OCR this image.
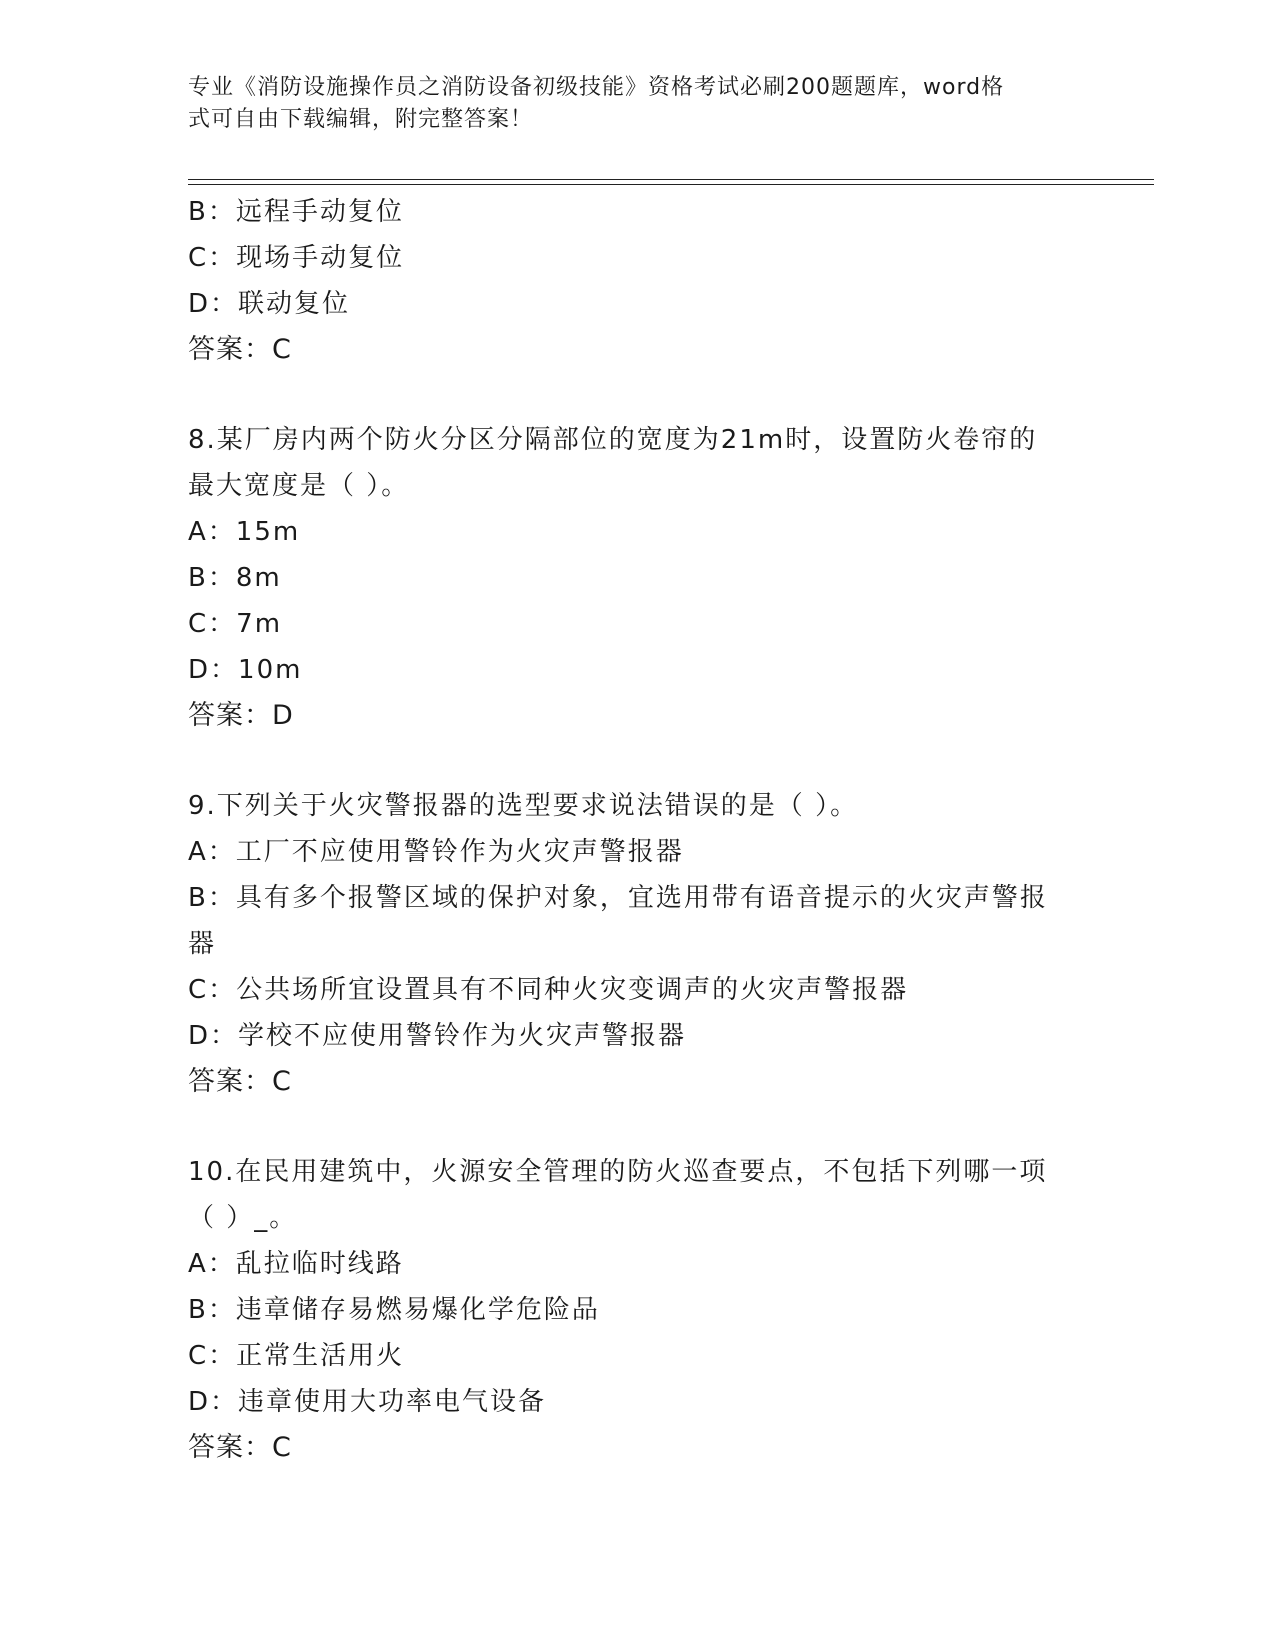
专业《消防设施操作员之消防设备初级技能》资格考试必刷200题题库，word格
式可自由下载编辑，附完整答案！
B：远程手动复位
C：现场手动复位
D：联动复位
答案：C
8.某厂房内两个防火分区分隔部位的宽度为21m时，设置防火卷帘的
最大宽度是（ ）。
A：15m
B：8m
C：7m
D：10m
答案：D
9.下列关于火灾警报器的选型要求说法错误的是（ ）。
A：工厂不应使用警铃作为火灾声警报器
B：具有多个报警区域的保护对象，宜选用带有语音提示的火灾声警报
器
C：公共场所宜设置具有不同种火灾变调声的火灾声警报器
D：学校不应使用警铃作为火灾声警报器
答案：C
10.在民用建筑中，火源安全管理的防火巡查要点，不包括下列哪一项
（ ）_。
A：乱拉临时线路
B：违章储存易燃易爆化学危险品
C：正常生活用火
D：违章使用大功率电气设备
答案：C
